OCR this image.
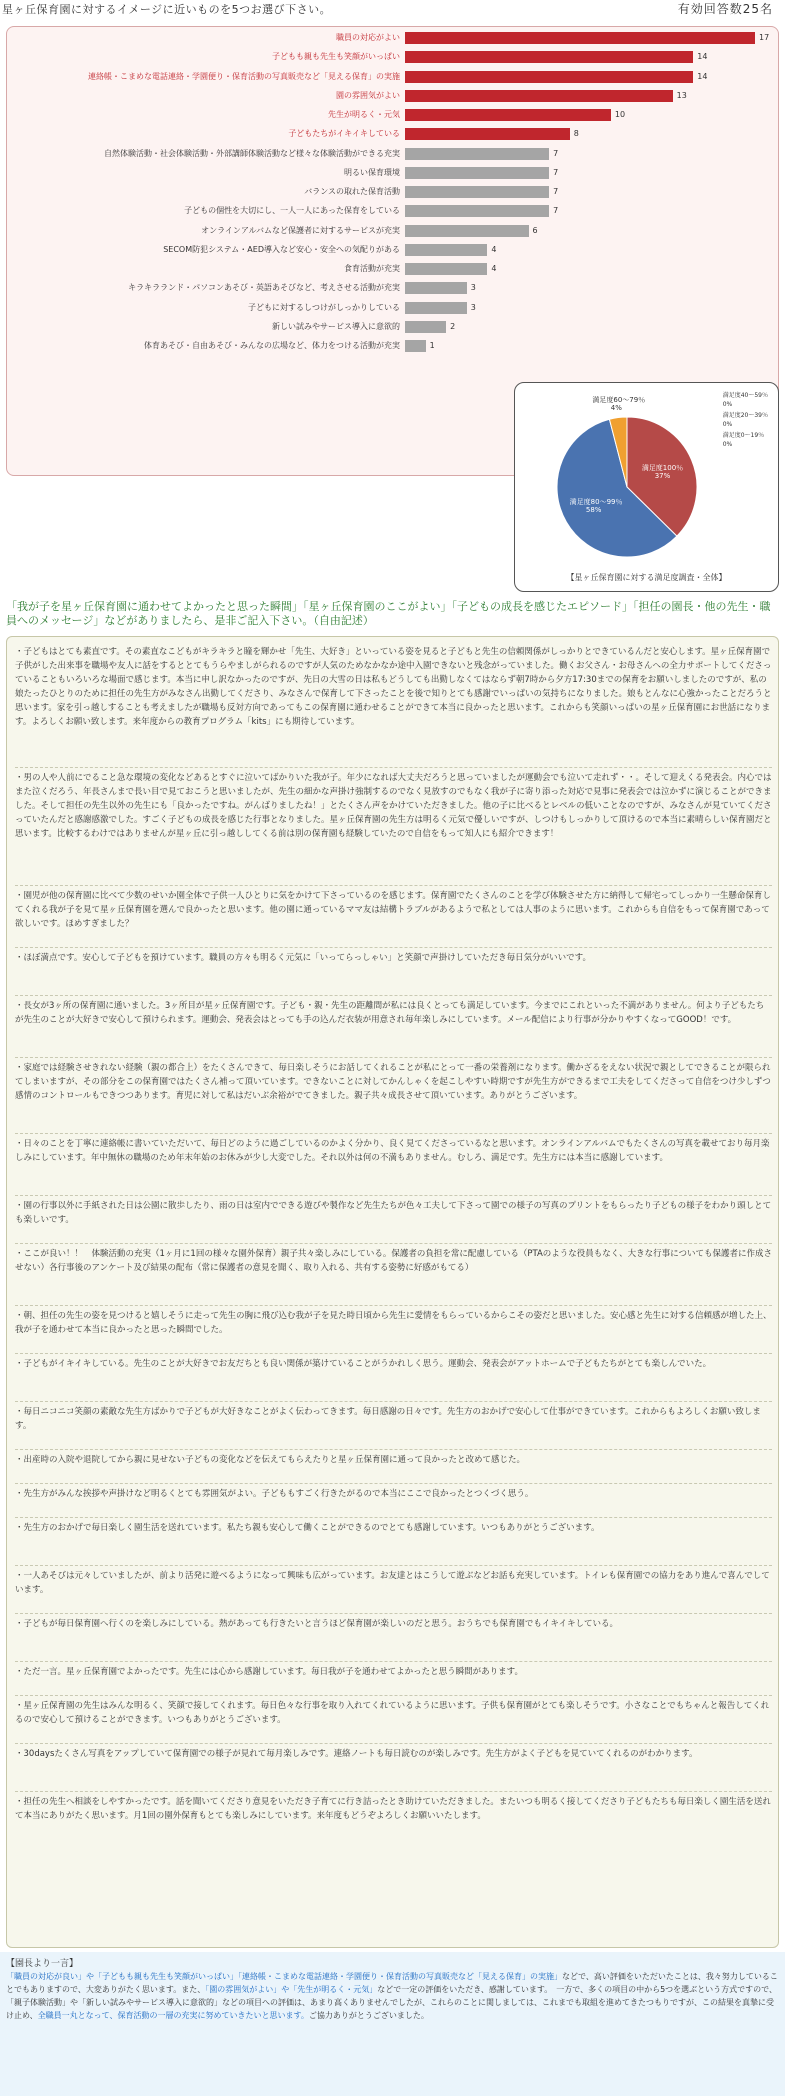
星ヶ丘保育園に対するイメージに近いものを5つお選び下さい。	有効回答数25名
職員の対応がよい	17
子どもも親も先生も笑顔がいっぱい	14
連絡帳・こまめな電話連絡・学園便り・保育活動の写真販売など「見える保育」の実施	14
園の雰囲気がよい	13
先生が明るく・元気	10
子どもたちがイキイキしている	8
自然体験活動・社会体験活動・外部講師体験活動など様々な体験活動ができる充実	7
明るい保育環境	7
バランスの取れた保育活動	7
子どもの個性を大切にし、一人一人にあった保育をしている	7
オンラインアルバムなど保護者に対するサービスが充実	6
SECOM防犯システム・AED導入など安心・安全への気配りがある	4
食育活動が充実	4
キラキラランド・パソコンあそび・英語あそびなど、考えさせる活動が充実	3
子どもに対するしつけがしっかりしている	3
新しい試みやサービス導入に意欲的	2
体育あそび・自由あそび・みんなの広場など、体力をつける活動が充実	1
満足度40～59％
0%
満足度20～39％
0%
満足度0～19％
0%
【星ヶ丘保育園に対する満足度調査・全体】
満足度100％
37%
満足度80～99％
58%
満足度60～79％
4%
「我が子を星ヶ丘保育園に通わせてよかったと思った瞬間」「星ヶ丘保育園のここがよい」「子どもの成長を感じたエピソード」「担任の園長・他の先生・職員へのメッセージ」などがありましたら、是非ご記入下さい。（自由記述）
・子どもはとても素直です。その素直なこどもがキラキラと瞳を輝かせ「先生、大好き」といっている姿を見ると子どもと先生の信頼関係がしっかりとできているんだと安心します。星ヶ丘保育園で子供がした出来事を職場や友人に話をするととてもうらやましがられるのですが人気のためなかなか途中入園できないと残念がっていました。働くお父さん・お母さんへの全力サポートしてくださっていることもいろいろな場面で感じます。本当に申し訳なかったのですが、先日の大雪の日は私もどうしても出勤しなくてはならず朝7時から夕方17:30までの保育をお願いしましたのですが、私の娘たったひとりのために担任の先生方がみなさん出勤してくださり、みなさんで保育して下さったことを後で知りとても感謝でいっぱいの気持ちになりました。娘もとんなに心強かったことだろうと思います。家を引っ越しすることも考えましたが職場も反対方向であってもこの保育園に通わせることができて本当に良かったと思います。これからも笑顔いっぱいの星ヶ丘保育園にお世話になります。よろしくお願い致します。来年度からの教育プログラム「kits」にも期待しています。
・男の人や人前にでること急な環境の変化などあるとすぐに泣いてばかりいた我が子。年少になれば大丈夫だろうと思っていましたが運動会でも泣いて走れず・・。そして迎えくる発表会。内心ではまた泣くだろう、年長さんまで長い目で見ておこうと思いましたが、先生の細かな声掛け強制するのでなく見放すのでもなく我が子に寄り添った対応で見事に発表会では泣かずに演じることができました。そして担任の先生以外の先生にも「良かったですね。がんばりましたね！」とたくさん声をかけていただきました。他の子に比べるとレベルの低いことなのですが、みなさんが見ていてくださっていたんだと感謝感激でした。すごく子どもの成長を感じた行事となりました。星ヶ丘保育園の先生方は明るく元気で優しいですが、しつけもしっかりして頂けるので本当に素晴らしい保育園だと思います。比較するわけではありませんが星ヶ丘に引っ越ししてくる前は別の保育園も経験していたので自信をもって知人にも紹介できます！
・園児が他の保育園に比べて少数のせいか園全体で子供一人ひとりに気をかけて下さっているのを感じます。保育園でたくさんのことを学び体験させた方に納得して帰宅ってしっかり一生懸命保育してくれる我が子を見て星ヶ丘保育園を選んで良かったと思います。他の園に通っているママ友は結構トラブルがあるようで私としては人事のように思います。これからも自信をもって保育園であって欲しいです。ほめすぎました？
・ほぼ満点です。安心して子どもを預けています。職員の方々も明るく元気に「いってらっしゃい」と笑顔で声掛けしていただき毎日気分がいいです。
・長女が3ヶ所の保育園に通いました。3ヶ所目が星ヶ丘保育園です。子ども・親・先生の距離間が私には良くとっても満足しています。今までにこれといった不満がありません。何より子どもたちが先生のことが大好きで安心して預けられます。運動会、発表会はとっても手の込んだ衣装が用意され毎年楽しみにしています。メール配信により行事が分かりやすくなってGOOD！です。
・家庭では経験させきれない経験（親の都合上）をたくさんできて、毎日楽しそうにお話してくれることが私にとって一番の栄養剤になります。働かざるをえない状況で親としてできることが限られてしまいますが、その部分をこの保育園ではたくさん補って頂いています。できないことに対してかんしゃくを起こしやすい時期ですが先生方ができるまで工夫をしてくださって自信をつけ少しずつ感情のコントロールもできつつあります。育児に対して私はだいぶ余裕がでてきました。親子共々成長させて頂いています。ありがとうございます。
・日々のことを丁寧に連絡帳に書いていただいて、毎日どのように過ごしているのかよく分かり、良く見てくださっているなと思います。オンラインアルバムでもたくさんの写真を載せており毎月楽しみにしています。年中無休の職場のため年末年始のお休みが少し大変でした。それ以外は何の不満もありません。むしろ、満足です。先生方には本当に感謝しています。
・園の行事以外に手紙された日は公園に散歩したり、雨の日は室内でできる遊びや製作など先生たちが色々工夫して下さって園での様子の写真のプリントをもらったり子どもの様子をわかり頭しとても楽しいです。
・ここが良い！！　体験活動の充実（1ヶ月に1回の様々な園外保育）親子共々楽しみにしている。保護者の負担を常に配慮している（PTAのような役員もなく、大きな行事についても保護者に作成させない）各行事後のアンケート及び結果の配布（常に保護者の意見を聞く、取り入れる、共有する姿勢に好感がもてる）
・朝、担任の先生の姿を見つけると嬉しそうに走って先生の胸に飛び込む我が子を見た時日頃から先生に愛情をもらっているからこその姿だと思いました。安心感と先生に対する信頼感が増した上、我が子を通わせて本当に良かったと思った瞬間でした。
・子どもがイキイキしている。先生のことが大好きでお友だちとも良い関係が築けていることがうかれしく思う。運動会、発表会がアットホームで子どもたちがとても楽しんでいた。
・毎日ニコニコ笑顔の素敵な先生方ばかりで子どもが大好きなことがよく伝わってきます。毎日感謝の日々です。先生方のおかげで安心して仕事ができています。これからもよろしくお願い致します。
・出産時の入院や退院してから親に見せない子どもの変化などを伝えてもらえたりと星ヶ丘保育園に通って良かったと改めて感じた。
・先生方がみんな挨拶や声掛けなど明るくとても雰囲気がよい。子どももすごく行きたがるので本当にここで良かったとつくづく思う。
・先生方のおかげで毎日楽しく園生活を送れています。私たち親も安心して働くことができるのでとても感謝しています。いつもありがとうございます。
・一人あそびは元々していましたが、前より活発に遊べるようになって興味も広がっています。お友達とはこうして遊ぶなどお話も充実しています。トイレも保育園での協力をあり進んで喜んでしています。
・子どもが毎日保育園へ行くのを楽しみにしている。熱があっても行きたいと言うほど保育園が楽しいのだと思う。おうちでも保育園でもイキイキしている。
・ただ一言。星ヶ丘保育園でよかったです。先生には心から感謝しています。毎日我が子を通わせてよかったと思う瞬間があります。
・星ヶ丘保育園の先生はみんな明るく、笑顔で接してくれます。毎日色々な行事を取り入れてくれているように思います。子供も保育園がとても楽しそうです。小さなことでもちゃんと報告してくれるので安心して預けることができます。いつもありがとうございます。
・30daysたくさん写真をアップしていて保育園での様子が見れて毎月楽しみです。連絡ノートも毎日読むのが楽しみです。先生方がよく子どもを見ていてくれるのがわかります。
・担任の先生へ相談をしやすかったです。話を聞いてくださり意見をいただき子育てに行き詰ったとき助けていただきました。またいつも明るく接してくださり子どもたちも毎日楽しく園生活を送れて本当にありがたく思います。月1回の園外保育もとても楽しみにしています。来年度もどうぞよろしくお願いいたします。
【園長より一言】
「職員の対応が良い」や「子どもも親も先生も笑顔がいっぱい」「連絡帳・こまめな電話連絡・学園便り・保育活動の写真販売など「見える保育」の実施」などで、高い評価をいただいたことは、我々努力していることでもありますので、大変ありがたく思います。また、「園の雰囲気がよい」や「先生が明るく・元気」などで一定の評価をいただき、感謝しています。　一方で、多くの項目の中から5つを選ぶという方式ですので、「親子体験活動」や「新しい試みやサービス導入に意欲的」などの項目への評価は、あまり高くありませんでしたが、これらのことに関しましては、これまでも取組を進めてきたつもりですが、この結果を真摯に受け止め、全職員一丸となって、保育活動の一層の充実に努めていきたいと思います。ご協力ありがとうございました。
